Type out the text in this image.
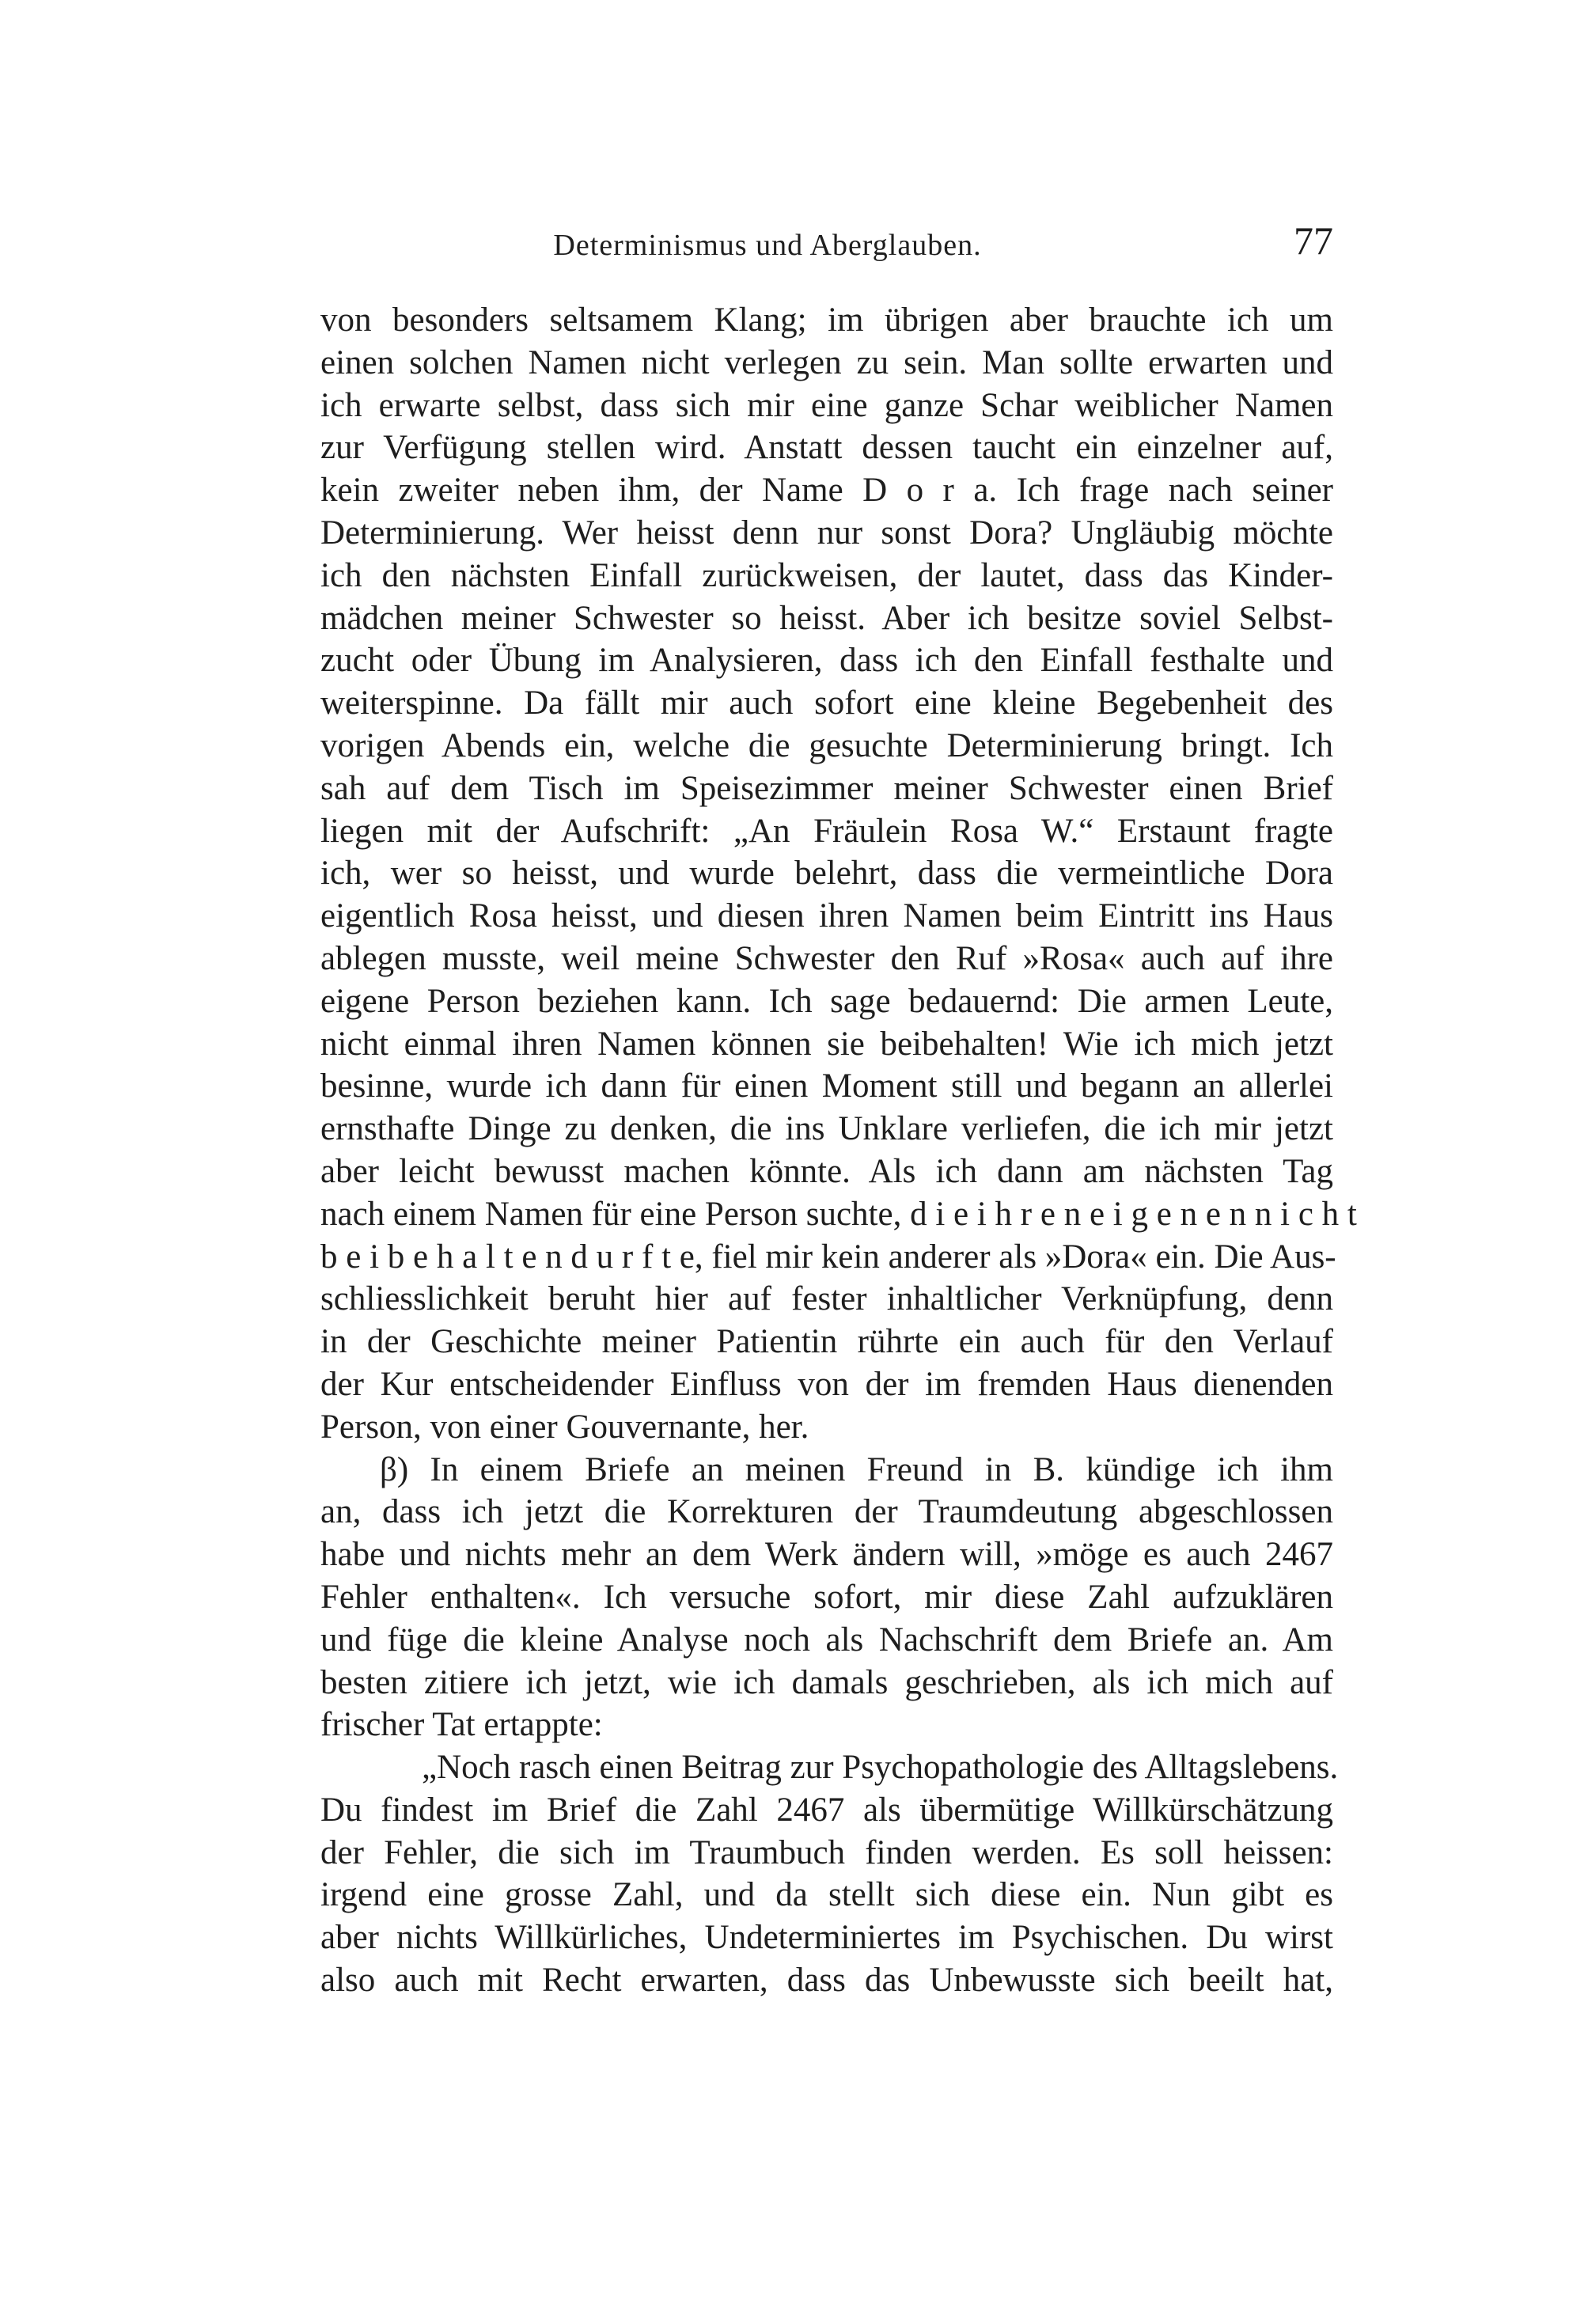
Determinismus und Aberglauben.	77
von besonders seltsamem Klang; im übrigen aber brauchte ich um
einen solchen Namen nicht verlegen zu sein. Man sollte erwarten und
ich erwarte selbst, dass sich mir eine ganze Schar weiblicher Namen
zur Verfügung stellen wird. Anstatt dessen taucht ein einzelner auf,
kein zweiter neben ihm, der Name D o r a. Ich frage nach seiner
Determinierung. Wer heisst denn nur sonst Dora? Ungläubig möchte
ich den nächsten Einfall zurückweisen, der lautet, dass das Kinder-
mädchen meiner Schwester so heisst. Aber ich besitze soviel Selbst-
zucht oder Übung im Analysieren, dass ich den Einfall festhalte und
weiterspinne. Da fällt mir auch sofort eine kleine Begebenheit des
vorigen Abends ein, welche die gesuchte Determinierung bringt. Ich
sah auf dem Tisch im Speisezimmer meiner Schwester einen Brief
liegen mit der Aufschrift: „An Fräulein Rosa W.“ Erstaunt fragte
ich, wer so heisst, und wurde belehrt, dass die vermeintliche Dora
eigentlich Rosa heisst, und diesen ihren Namen beim Eintritt ins Haus
ablegen musste, weil meine Schwester den Ruf »Rosa« auch auf ihre
eigene Person beziehen kann. Ich sage bedauernd: Die armen Leute,
nicht einmal ihren Namen können sie beibehalten! Wie ich mich jetzt
besinne, wurde ich dann für einen Moment still und begann an allerlei
ernsthafte Dinge zu denken, die ins Unklare verliefen, die ich mir jetzt
aber leicht bewusst machen könnte. Als ich dann am nächsten Tag
nach einem Namen für eine Person suchte, d i e i h r e n e i g e n e n n i c h t
b e i b e h a l t e n d u r f t e, fiel mir kein anderer als »Dora« ein. Die Aus-
schliesslichkeit beruht hier auf fester inhaltlicher Verknüpfung, denn
in der Geschichte meiner Patientin rührte ein auch für den Verlauf
der Kur entscheidender Einfluss von der im fremden Haus dienenden
Person, von einer Gouvernante, her.
β) In einem Briefe an meinen Freund in B. kündige ich ihm
an, dass ich jetzt die Korrekturen der Traumdeutung abgeschlossen
habe und nichts mehr an dem Werk ändern will, »möge es auch 2467
Fehler enthalten«. Ich versuche sofort, mir diese Zahl aufzuklären
und füge die kleine Analyse noch als Nachschrift dem Briefe an. Am
besten zitiere ich jetzt, wie ich damals geschrieben, als ich mich auf
frischer Tat ertappte:
„Noch rasch einen Beitrag zur Psychopathologie des Alltagslebens.
Du findest im Brief die Zahl 2467 als übermütige Willkürschätzung
der Fehler, die sich im Traumbuch finden werden. Es soll heissen:
irgend eine grosse Zahl, und da stellt sich diese ein. Nun gibt es
aber nichts Willkürliches, Undeterminiertes im Psychischen. Du wirst
also auch mit Recht erwarten, dass das Unbewusste sich beeilt hat,
